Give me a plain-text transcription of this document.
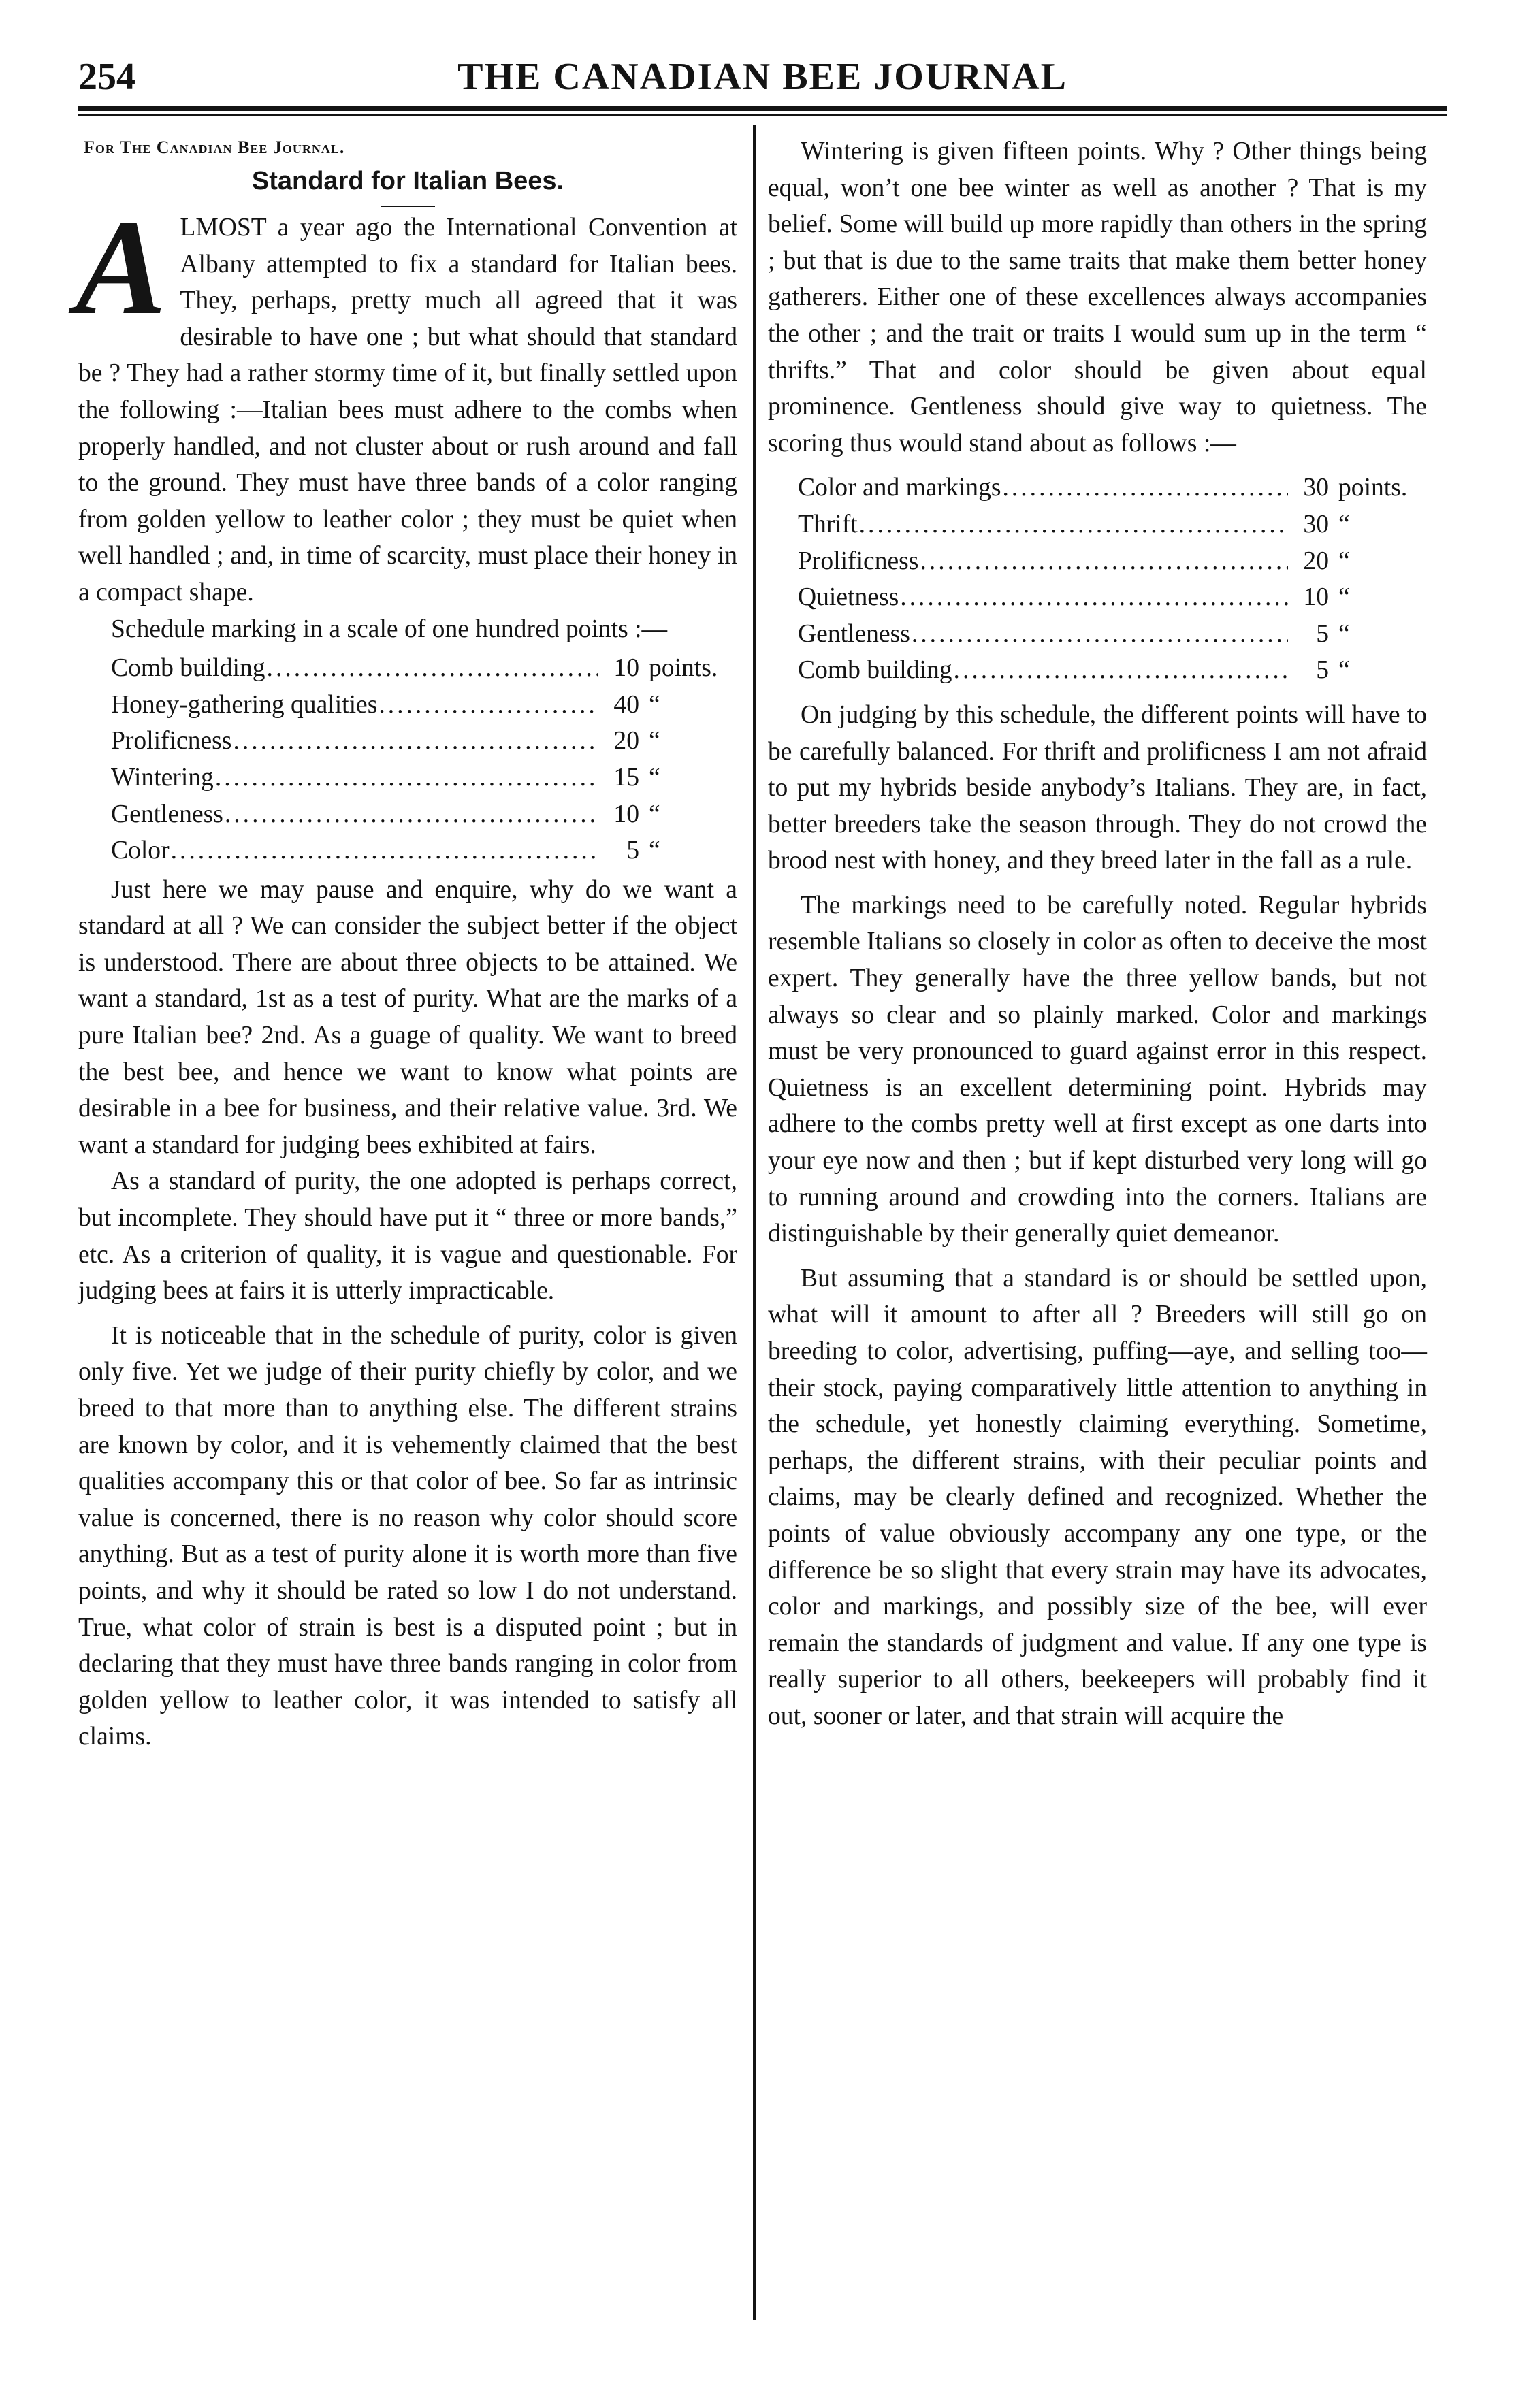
254	THE CANADIAN BEE JOURNAL
For The Canadian Bee Journal.
Standard for Italian Bees.

ALMOST a year ago the International Convention at Albany attempted to fix a standard for Italian bees. They, perhaps, pretty much all agreed that it was desirable to have one ; but what should that standard be ? They had a rather stormy time of it, but finally settled upon the following :—Italian bees must adhere to the combs when properly handled, and not cluster about or rush around and fall to the ground. They must have three bands of a color ranging from golden yellow to leather color ; they must be quiet when well handled ; and, in time of scarcity, must place their honey in a compact shape.

Schedule marking in a scale of one hundred points :—

Comb building .....	10 points.
Honey-gathering qualities .....	40 “
Prolificness .....	20 “
Wintering .....	15 “
Gentleness .....	10 “
Color .....	5 “

Just here we may pause and enquire, why do we want a standard at all ? We can consider the subject better if the object is understood. There are about three objects to be attained. We want a standard, 1st as a test of purity. What are the marks of a pure Italian bee? 2nd. As a guage of quality. We want to breed the best bee, and hence we want to know what points are desirable in a bee for business, and their relative value. 3rd. We want a standard for judging bees exhibited at fairs.

As a standard of purity, the one adopted is perhaps correct, but incomplete. They should have put it “ three or more bands,” etc. As a criterion of quality, it is vague and questionable. For judging bees at fairs it is utterly impracticable.

It is noticeable that in the schedule of purity, color is given only five. Yet we judge of their purity chiefly by color, and we breed to that more than to anything else. The different strains are known by color, and it is vehemently claimed that the best qualities accompany this or that color of bee. So far as intrinsic value is concerned, there is no reason why color should score anything. But as a test of purity alone it is worth more than five points, and why it should be rated so low I do not understand. True, what color of strain is best is a disputed point ; but in declaring that they must have three bands ranging in color from golden yellow to leather color, it was intended to satisfy all claims.

Wintering is given fifteen points. Why ? Other things being equal, won’t one bee winter as well as another ? That is my belief. Some will build up more rapidly than others in the spring ; but that is due to the same traits that make them better honey gatherers. Either one of these excellences always accompanies the other ; and the trait or traits I would sum up in the term “ thrifts.” That and color should be given about equal prominence. Gentleness should give way to quietness. The scoring thus would stand about as follows :—

Color and markings .....	30 points.
Thrift .....	30 “
Prolificness .....	20 “
Quietness .....	10 “
Gentleness .....	5 “
Comb building .....	5 “

On judging by this schedule, the different points will have to be carefully balanced. For thrift and prolificness I am not afraid to put my hybrids beside anybody’s Italians. They are, in fact, better breeders take the season through. They do not crowd the brood nest with honey, and they breed later in the fall as a rule.

The markings need to be carefully noted. Regular hybrids resemble Italians so closely in color as often to deceive the most expert. They generally have the three yellow bands, but not always so clear and so plainly marked. Color and markings must be very pronounced to guard against error in this respect. Quietness is an excellent determining point. Hybrids may adhere to the combs pretty well at first except as one darts into your eye now and then ; but if kept disturbed very long will go to running around and crowding into the corners. Italians are distinguishable by their generally quiet demeanor.

But assuming that a standard is or should be settled upon, what will it amount to after all ? Breeders will still go on breeding to color, advertising, puffing—aye, and selling too—their stock, paying comparatively little attention to anything in the schedule, yet honestly claiming everything. Sometime, perhaps, the different strains, with their peculiar points and claims, may be clearly defined and recognized. Whether the points of value obviously accompany any one type, or the difference be so slight that every strain may have its advocates, color and markings, and possibly size of the bee, will ever remain the standards of judgment and value. If any one type is really superior to all others, beekeepers will probably find it out, sooner or later, and that strain will acquire the
